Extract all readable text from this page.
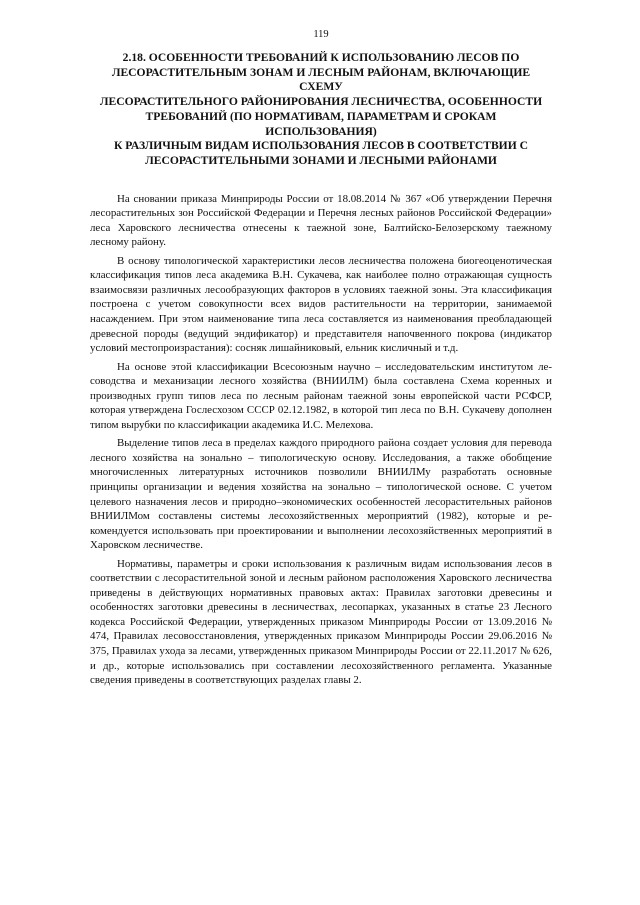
119
2.18. ОСОБЕННОСТИ ТРЕБОВАНИЙ К ИСПОЛЬЗОВАНИЮ ЛЕСОВ ПО
ЛЕСОРАСТИТЕЛЬНЫМ ЗОНАМ И ЛЕСНЫМ РАЙОНАМ, ВКЛЮЧАЮЩИЕ СХЕМУ
ЛЕСОРАСТИТЕЛЬНОГО РАЙОНИРОВАНИЯ ЛЕСНИЧЕСТВА, ОСОБЕННОСТИ
ТРЕБОВАНИЙ (ПО НОРМАТИВАМ, ПАРАМЕТРАМ И СРОКАМ ИСПОЛЬЗОВАНИЯ)
К РАЗЛИЧНЫМ ВИДАМ ИСПОЛЬЗОВАНИЯ ЛЕСОВ В СООТВЕТСТВИИ С
ЛЕСОРАСТИТЕЛЬНЫМИ ЗОНАМИ И ЛЕСНЫМИ РАЙОНАМИ

На сновании приказа Минприроды России от 18.08.2014 № 367 «Об утверждении Перечня лесорастительных зон Российской Федерации и Перечня лесных районов Российской Федерации» леса Харовского лесничества отнесены к таежной зоне, Балтийско-Белозерскому таежному лесному району.

В основу типологической характеристики лесов лесничества положена биогеоценотическая классификация типов леса академика В.Н. Сукачева, как наиболее полно отражающая сущность взаимосвязи различных лесообразующих факторов в условиях таежной зоны. Эта классификация построена с учетом совокупности всех видов растительности на территории, занимаемой насаждением. При этом наименование типа леса составляется из наименования преобладающей древесной породы (ведущий эндификатор) и представителя напочвенного покрова (индикатор условий местопроизрастания): сосняк лишайниковый, ельник кисличный и т.д.

На основе этой классификации Всесоюзным научно – исследовательским институтом лесоводства и механизации лесного хозяйства (ВНИИЛМ) была составлена Схема коренных и производных групп типов леса по лесным районам таежной зоны европейской части РСФСР, которая утверждена Гослесхозом СССР 02.12.1982, в которой тип леса по В.Н. Сукачеву дополнен типом вырубки по классификации академика И.С. Мелехова.

Выделение типов леса в пределах каждого природного района создает условия для перевода лесного хозяйства на зонально – типологическую основу. Исследования, а также обобщение многочисленных литературных источников позволили ВНИИЛМу разработать основные принципы организации и ведения хозяйства на зонально – типологической основе. С учетом целевого назначения лесов и природно–экономических особенностей лесорастительных районов ВНИИЛМом составлены системы лесохозяйственных мероприятий (1982), которые и рекомендуется использовать при проектировании и выполнении лесохозяйственных мероприятий в Харовском лесничестве.

Нормативы, параметры и сроки использования к различным видам использования лесов в соответствии с лесорастительной зоной и лесным районом расположения Харовского лесничества приведены в действующих нормативных правовых актах: Правилах заготовки древесины и особенностях заготовки древесины в лесничествах, лесопарках, указанных в статье 23 Лесного кодекса Российской Федерации, утвержденных приказом Минприроды России от 13.09.2016 № 474, Правилах лесовосстановления, утвержденных приказом Минприроды России 29.06.2016 № 375, Правилах ухода за лесами, утвержденных приказом Минприроды России от 22.11.2017 № 626, и др., которые использовались при составлении лесохозяйственного регламента. Указанные сведения приведены в соответствующих разделах главы 2.
